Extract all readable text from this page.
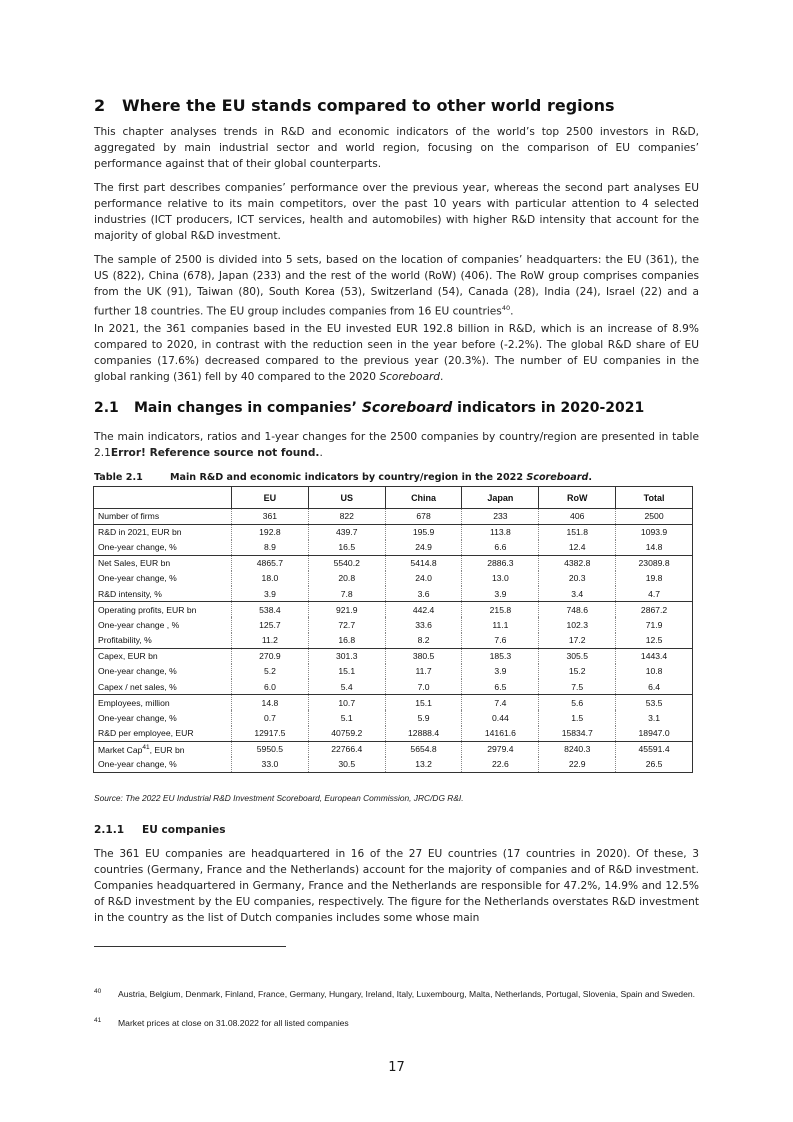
2 Where the EU stands compared to other world regions

This chapter analyses trends in R&D and economic indicators of the world’s top 2500 investors in R&D, aggregated by main industrial sector and world region, focusing on the comparison of EU companies’ performance against that of their global counterparts.

The first part describes companies’ performance over the previous year, whereas the second part analyses EU performance relative to its main competitors, over the past 10 years with particular attention to 4 selected industries (ICT producers, ICT services, health and automobiles) with higher R&D intensity that account for the majority of global R&D investment.

The sample of 2500 is divided into 5 sets, based on the location of companies’ headquarters: the EU (361), the US (822), China (678), Japan (233) and the rest of the world (RoW) (406). The RoW group comprises companies from the UK (91), Taiwan (80), South Korea (53), Switzerland (54), Canada (28), India (24), Israel (22) and a further 18 countries. The EU group includes companies from 16 EU countries$^{40}$.

In 2021, the 361 companies based in the EU invested EUR 192.8 billion in R&D, which is an increase of 8.9% compared to 2020, in contrast with the reduction seen in the year before (-2.2%). The global R&D share of EU companies (17.6%) decreased compared to the previous year (20.3%). The number of EU companies in the global ranking (361) fell by 40 compared to the 2020 Scoreboard.

2.1 Main changes in companies’ Scoreboard indicators in 2020-2021

The main indicators, ratios and 1-year changes for the 2500 companies by country/region are presented in table 2.1Error! Reference source not found..

Table 2.1	Main R&D and economic indicators by country/region in the 2022 Scoreboard.
	EU	US	China	Japan	RoW	Total
Number of firms	361	822	678	233	406	2500
R&D in 2021, EUR bn	192.8	439.7	195.9	113.8	151.8	1093.9
One-year change, %	8.9	16.5	24.9	6.6	12.4	14.8
Net Sales, EUR bn	4865.7	5540.2	5414.8	2886.3	4382.8	23089.8
One-year change, %	18.0	20.8	24.0	13.0	20.3	19.8
R&D intensity, %	3.9	7.8	3.6	3.9	3.4	4.7
Operating profits, EUR bn	538.4	921.9	442.4	215.8	748.6	2867.2
One-year change , %	125.7	72.7	33.6	11.1	102.3	71.9
Profitability, %	11.2	16.8	8.2	7.6	17.2	12.5
Capex, EUR bn	270.9	301.3	380.5	185.3	305.5	1443.4
One-year change, %	5.2	15.1	11.7	3.9	15.2	10.8
Capex / net sales, %	6.0	5.4	7.0	6.5	7.5	6.4
Employees, million	14.8	10.7	15.1	7.4	5.6	53.5
One-year change, %	0.7	5.1	5.9	0.44	1.5	3.1
R&D per employee, EUR	12917.5	40759.2	12888.4	14161.6	15834.7	18947.0
Market Cap$^{41}$, EUR bn	5950.5	22766.4	5654.8	2979.4	8240.3	45591.4
One-year change, %	33.0	30.5	13.2	22.6	22.9	26.5
Source: The 2022 EU Industrial R&D Investment Scoreboard, European Commission, JRC/DG R&I.
2.1.1 EU companies

The 361 EU companies are headquartered in 16 of the 27 EU countries (17 countries in 2020). Of these, 3 countries (Germany, France and the Netherlands) account for the majority of companies and of R&D investment. Companies headquartered in Germany, France and the Netherlands are responsible for 47.2%, 14.9% and 12.5% of R&D investment by the EU companies, respectively. The figure for the Netherlands overstates R&D investment in the country as the list of Dutch companies includes some whose main

40 Austria, Belgium, Denmark, Finland, France, Germany, Hungary, Ireland, Italy, Luxembourg, Malta, Netherlands, Portugal, Slovenia, Spain and Sweden.
41 Market prices at close on 31.08.2022 for all listed companies
17
